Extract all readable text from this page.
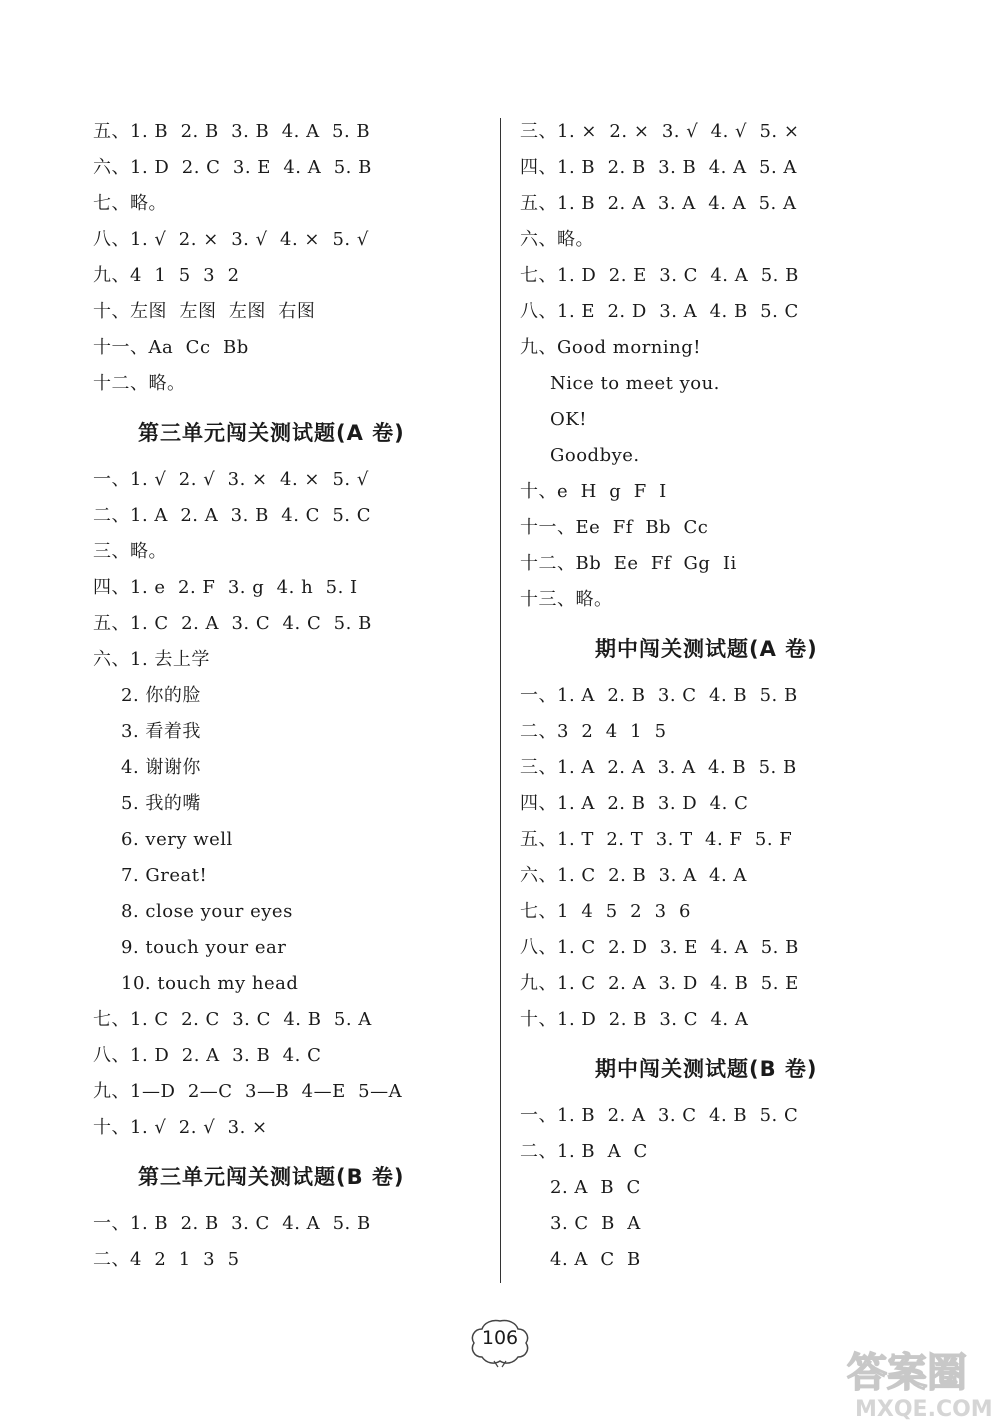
五、1. B  2. B  3. B  4. A  5. B
六、1. D  2. C  3. E  4. A  5. B
七、略。
八、1. √  2. ×  3. √  4. ×  5. √
九、4  1  5  3  2
十、左图  左图  左图  右图
十一、Aa  Cc  Bb
十二、略。
第三单元闯关测试题(A 卷)
一、1. √  2. √  3. ×  4. ×  5. √
二、1. A  2. A  3. B  4. C  5. C
三、略。
四、1. e  2. F  3. g  4. h  5. I
五、1. C  2. A  3. C  4. C  5. B
六、1. 去上学
2. 你的脸
3. 看着我
4. 谢谢你
5. 我的嘴
6. very well
7. Great!
8. close your eyes
9. touch your ear
10. touch my head
七、1. C  2. C  3. C  4. B  5. A
八、1. D  2. A  3. B  4. C
九、1—D  2—C  3—B  4—E  5—A
十、1. √  2. √  3. ×
第三单元闯关测试题(B 卷)
一、1. B  2. B  3. C  4. A  5. B
二、4  2  1  3  5
三、1. ×  2. ×  3. √  4. √  5. ×
四、1. B  2. B  3. B  4. A  5. A
五、1. B  2. A  3. A  4. A  5. A
六、略。
七、1. D  2. E  3. C  4. A  5. B
八、1. E  2. D  3. A  4. B  5. C
九、Good morning!
Nice to meet you.
OK!
Goodbye.
十、e  H  g  F  I
十一、Ee  Ff  Bb  Cc
十二、Bb  Ee  Ff  Gg  Ii
十三、略。
期中闯关测试题(A 卷)
一、1. A  2. B  3. C  4. B  5. B
二、3  2  4  1  5
三、1. A  2. A  3. A  4. B  5. B
四、1. A  2. B  3. D  4. C
五、1. T  2. T  3. T  4. F  5. F
六、1. C  2. B  3. A  4. A
七、1  4  5  2  3  6
八、1. C  2. D  3. E  4. A  5. B
九、1. C  2. A  3. D  4. B  5. E
十、1. D  2. B  3. C  4. A
期中闯关测试题(B 卷)
一、1. B  2. A  3. C  4. B  5. C
二、1. B  A  C
2. A  B  C
3. C  B  A
4. A  C  B
106
答案圈
MXQE.COM
